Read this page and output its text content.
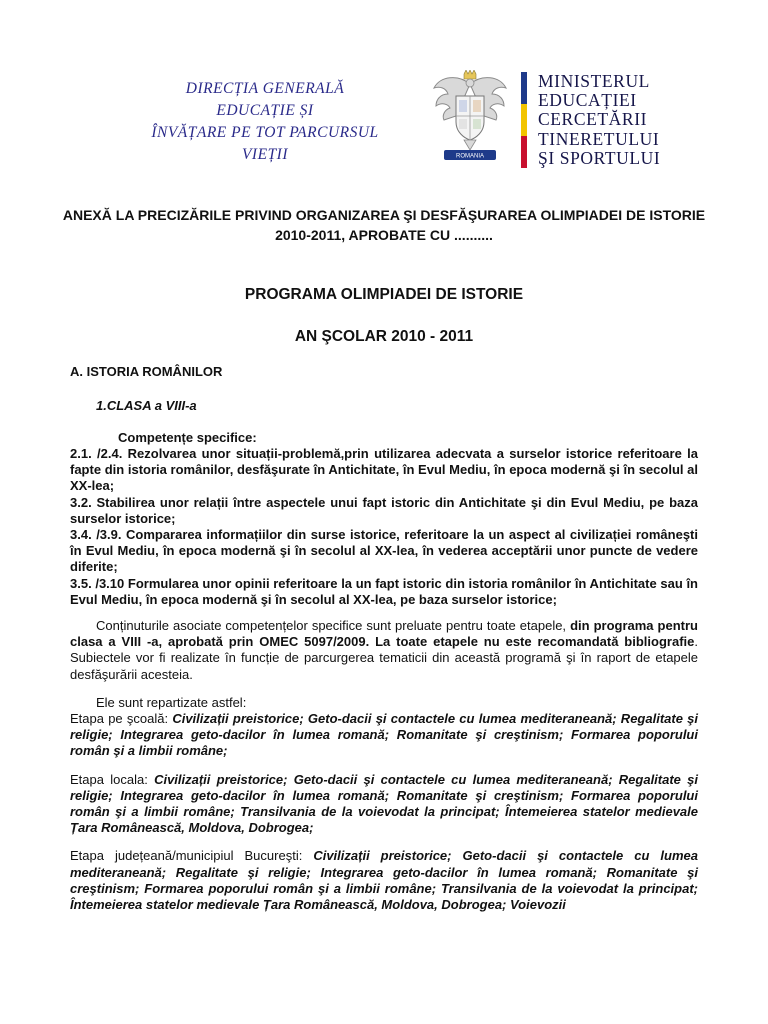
DIRECȚIA GENERALĂ
EDUCAȚIE ȘI
ÎNVĂȚARE PE TOT PARCURSUL
VIEȚII	ROMANIA
MINISTERUL
EDUCAȚIEI
CERCETĂRII
TINERETULUI
ŞI SPORTULUI
ANEXĂ LA PRECIZĂRILE PRIVIND ORGANIZAREA ŞI DESFĂŞURAREA OLIMPIADEI DE ISTORIE 2010-2011, APROBATE CU ..........
PROGRAMA OLIMPIADEI DE ISTORIE
AN ŞCOLAR 2010 - 2011
A. ISTORIA ROMÂNILOR
1.CLASA a VIII-a
Competențe specifice:

2.1. /2.4. Rezolvarea unor situații-problemă,prin utilizarea adecvata a surselor istorice referitoare la fapte din istoria românilor, desfăşurate în Antichitate, în Evul Mediu, în epoca modernă şi în secolul al XX-lea;

3.2. Stabilirea unor relații între aspectele unui fapt istoric din Antichitate şi din Evul Mediu, pe baza surselor istorice;

3.4. /3.9. Compararea informațiilor din surse istorice, referitoare la un aspect al civilizației româneşti în Evul Mediu, în epoca modernă şi în secolul al XX-lea, în vederea acceptării unor puncte de vedere diferite;

3.5. /3.10 Formularea unor opinii referitoare la un fapt istoric din istoria românilor în Antichitate sau în Evul Mediu, în epoca modernă şi în secolul al XX-lea, pe baza surselor istorice;

Conținuturile asociate competențelor specifice sunt preluate pentru toate etapele, din programa pentru clasa a VIII -a, aprobată prin OMEC 5097/2009. La toate etapele nu este recomandată bibliografie. Subiectele vor fi realizate în funcție de parcurgerea tematicii din această programă şi în raport de etapele desfăşurării acesteia.

Ele sunt repartizate astfel:

Etapa pe şcoală: Civilizații preistorice; Geto-dacii şi contactele cu lumea mediteraneană; Regalitate şi religie; Integrarea geto-dacilor în lumea romană; Romanitate şi creştinism; Formarea poporului român şi a limbii române;

Etapa locala: Civilizații preistorice; Geto-dacii şi contactele cu lumea mediteraneană; Regalitate şi religie; Integrarea geto-dacilor în lumea romană; Romanitate şi creştinism; Formarea poporului român şi a limbii române; Transilvania de la voievodat la principat; Întemeierea statelor medievale Țara Românească, Moldova, Dobrogea;

Etapa județeană/municipiul Bucureşti: Civilizații preistorice; Geto-dacii şi contactele cu lumea mediteraneană; Regalitate şi religie; Integrarea geto-dacilor în lumea romană; Romanitate şi creştinism; Formarea poporului român şi a limbii române; Transilvania de la voievodat la principat; Întemeierea statelor medievale Țara Românească, Moldova, Dobrogea; Voievozii
